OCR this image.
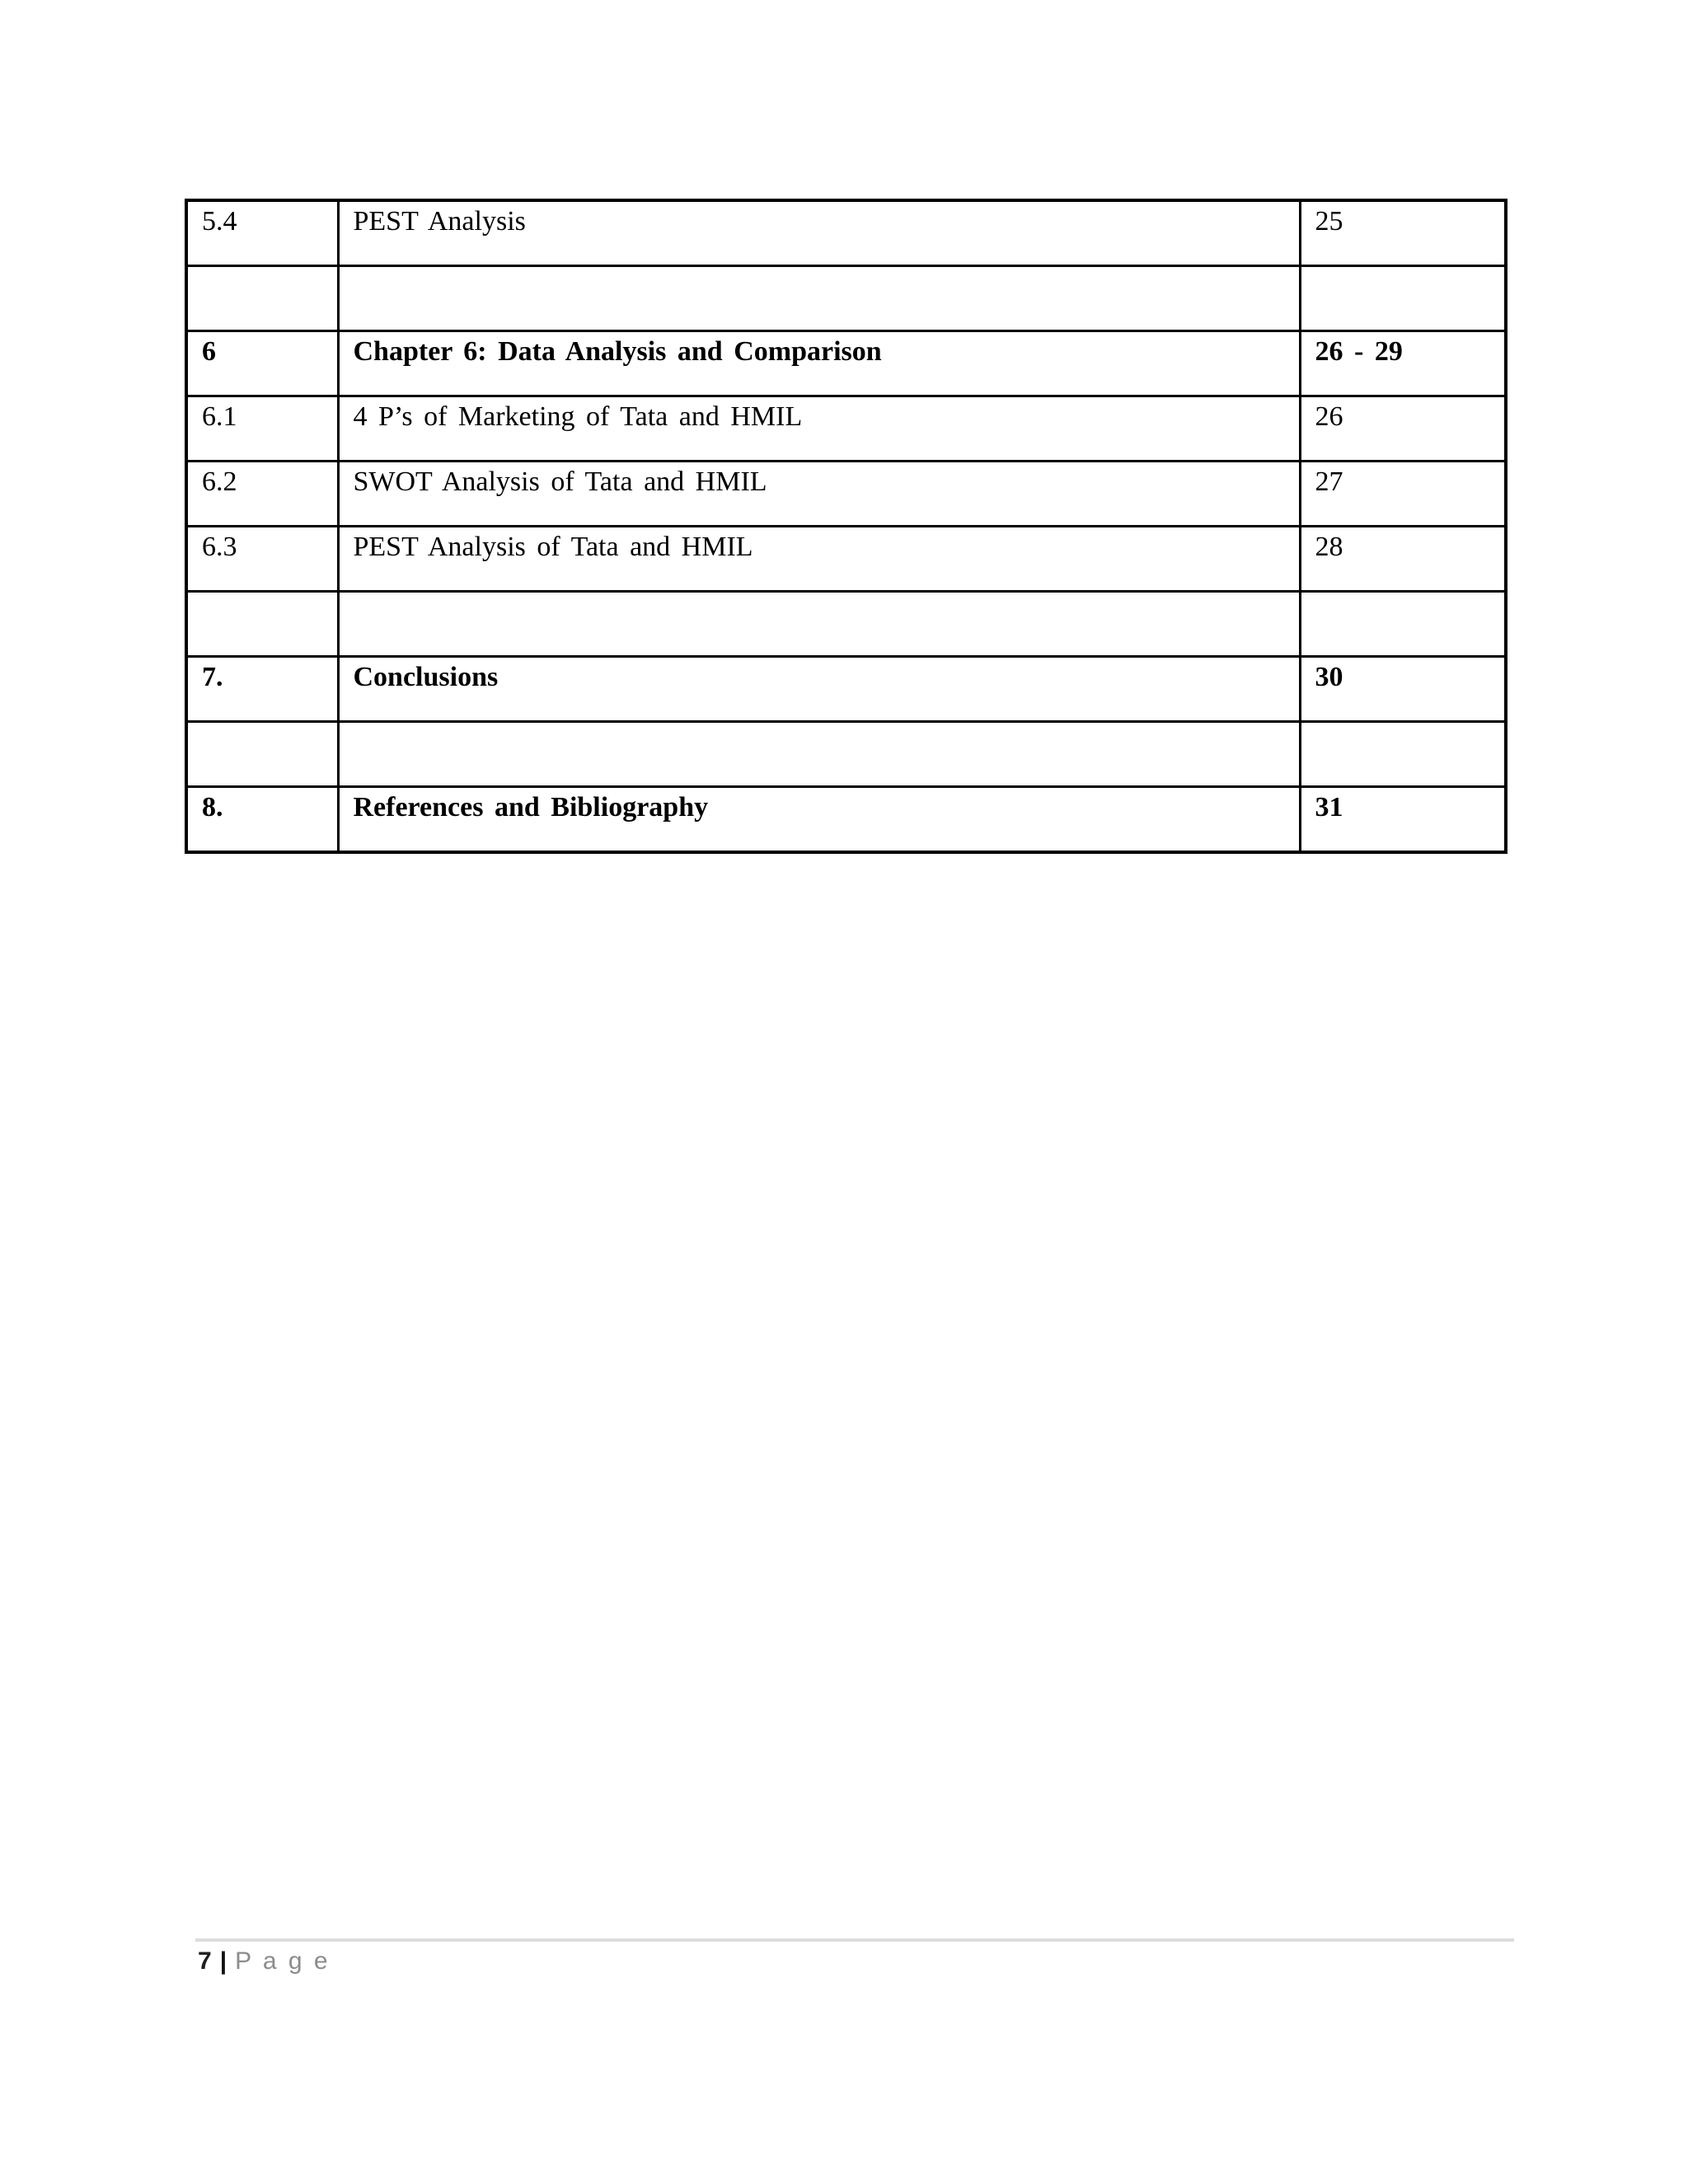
5.4	PEST Analysis	25

6	Chapter 6: Data Analysis and Comparison	26 - 29
6.1	4 P’s of Marketing of Tata and HMIL	26
6.2	SWOT Analysis of Tata and HMIL	27
6.3	PEST Analysis of Tata and HMIL	28

7.	Conclusions	30

8.	References and Bibliography	31
7 | P a g e
